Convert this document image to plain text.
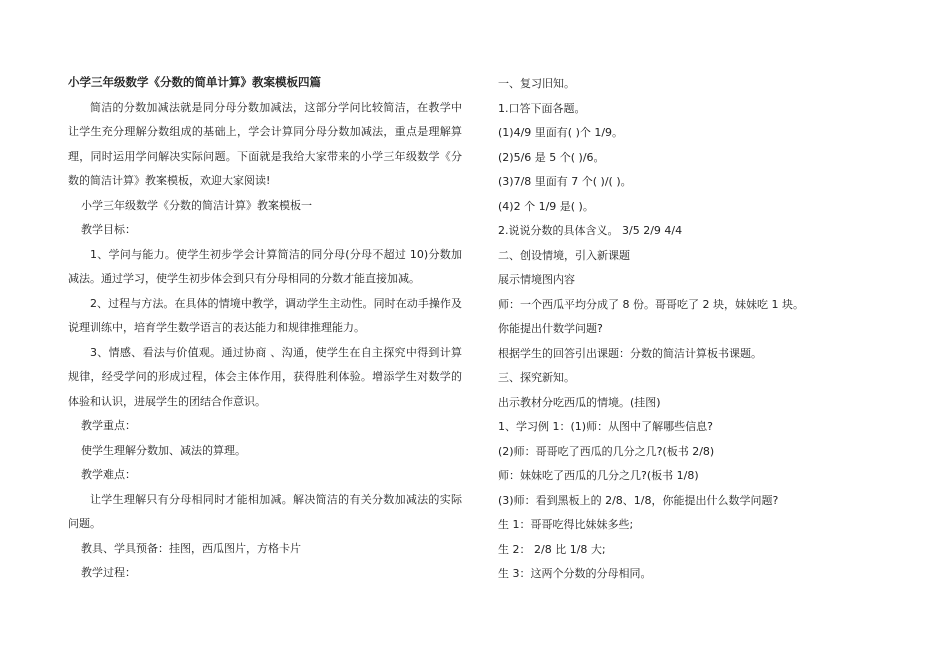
小学三年级数学《分数的简单计算》教案模板四篇

简洁的分数加减法就是同分母分数加减法，这部分学问比较简洁，在教学中让学生充分理解分数组成的基础上，学会计算同分母分数加减法，重点是理解算理，同时运用学问解决实际问题。下面就是我给大家带来的小学三年级数学《分数的简洁计算》教案模板，欢迎大家阅读!

小学三年级数学《分数的简洁计算》教案模板一

教学目标：

1、学问与能力。使学生初步学会计算简洁的同分母(分母不超过 10)分数加减法。通过学习，使学生初步体会到只有分母相同的分数才能直接加减。

2、过程与方法。在具体的情境中教学，调动学生主动性。同时在动手操作及说理训练中，培育学生数学语言的表达能力和规律推理能力。

3、情感、看法与价值观。通过协商 、沟通，使学生在自主探究中得到计算规律，经受学问的形成过程，体会主体作用，获得胜利体验。增添学生对数学的体验和认识，进展学生的团结合作意识。

教学重点：

使学生理解分数加、减法的算理。

教学难点：

让学生理解只有分母相同时才能相加减。解决简洁的有关分数加减法的实际问题。

教具、学具预备：挂图，西瓜图片，方格卡片

教学过程：

一、复习旧知。

1.口答下面各题。

(1)4/9 里面有( )个 1/9。

(2)5/6 是 5 个( )/6。

(3)7/8 里面有 7 个( )/( )。

(4)2 个 1/9 是( )。

2.说说分数的具体含义。 3/5 2/9 4/4

二、创设情境，引入新课题

展示情境图内容

师：一个西瓜平均分成了 8 份。哥哥吃了 2 块，妹妹吃 1 块。

你能提出什数学问题?

根据学生的回答引出课题：分数的简洁计算板书课题。

三、探究新知。

出示教材分吃西瓜的情境。(挂图)

1、学习例 1：(1)师：从图中了解哪些信息?

(2)师：哥哥吃了西瓜的几分之几?(板书 2/8)

师：妹妹吃了西瓜的几分之几?(板书 1/8)

(3)师：看到黑板上的 2/8、1/8，你能提出什么数学问题?

生 1：哥哥吃得比妹妹多些;

生 2： 2/8 比 1/8 大;

生 3：这两个分数的分母相同。
